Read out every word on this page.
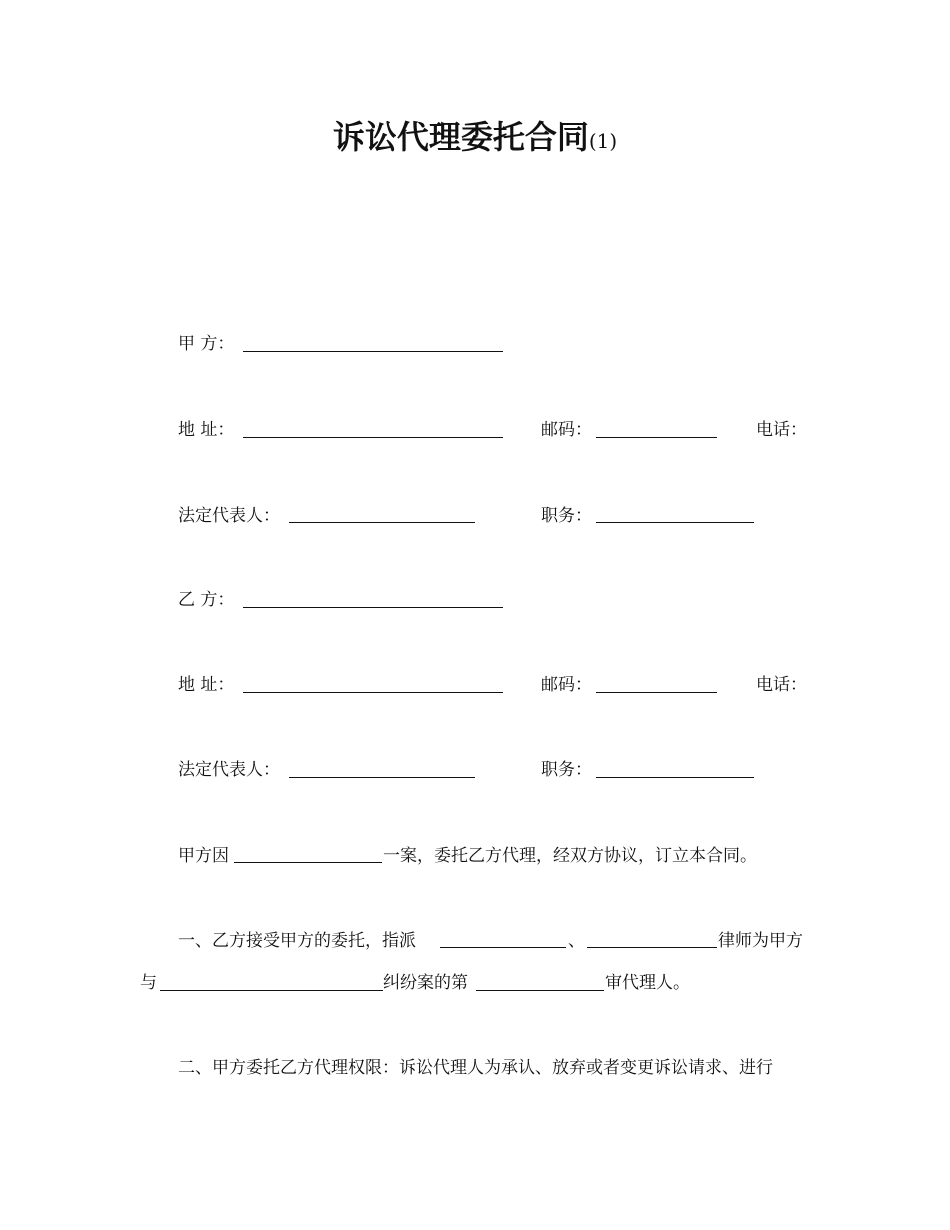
诉讼代理委托合同(1)
甲 方：
地 址：	邮码：	电话：
法定代表人：	职务：
乙 方：
地 址：	邮码：	电话：
法定代表人：	职务：
甲方因	一案，委托乙方代理，经双方协议，订立本合同。
一、乙方接受甲方的委托，指派	、	律师为甲方
与	纠纷案的第	审代理人。
二、甲方委托乙方代理权限：诉讼代理人为承认、放弃或者变更诉讼请求、进行
